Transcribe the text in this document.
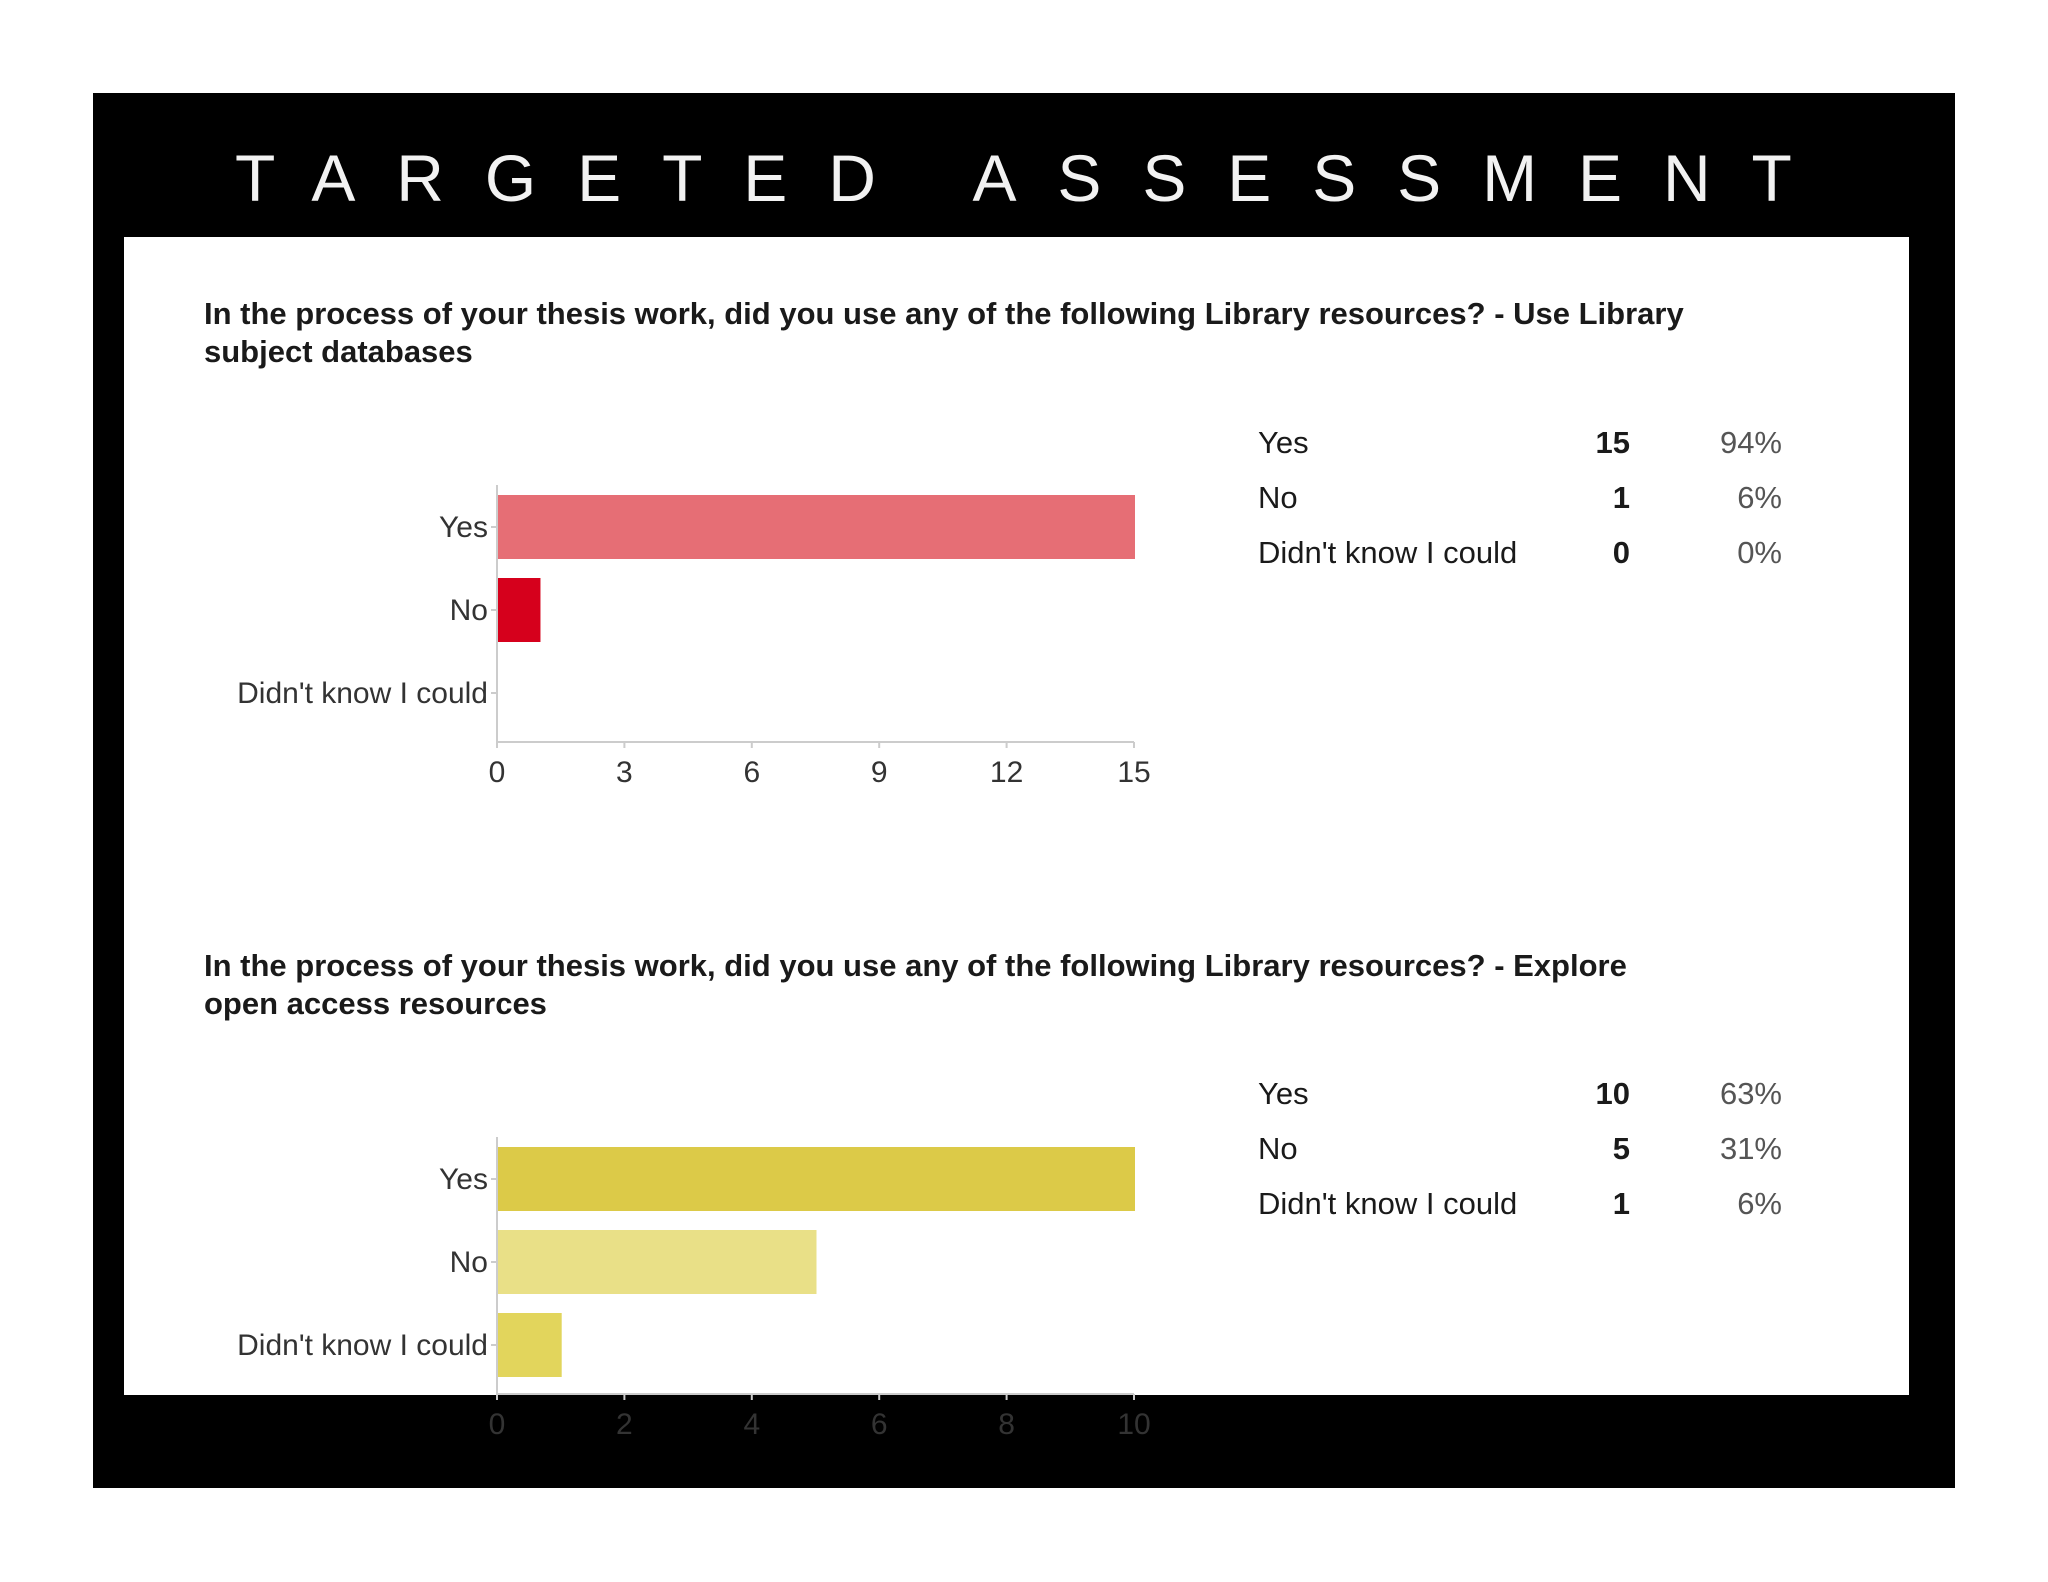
TARGETED ASSESSMENT
In the process of your thesis work, did you use any of the following Library resources? - Use Library subject databases
Yes
No
Didn't know I could
0	3	6	9	12	15
Yes	15	94%
No	1	6%
Didn't know I could	0	0%
In the process of your thesis work, did you use any of the following Library resources? - Explore open access resources
Yes
No
Didn't know I could
0	2	4	6	8	10
Yes	10	63%
No	5	31%
Didn't know I could	1	6%
